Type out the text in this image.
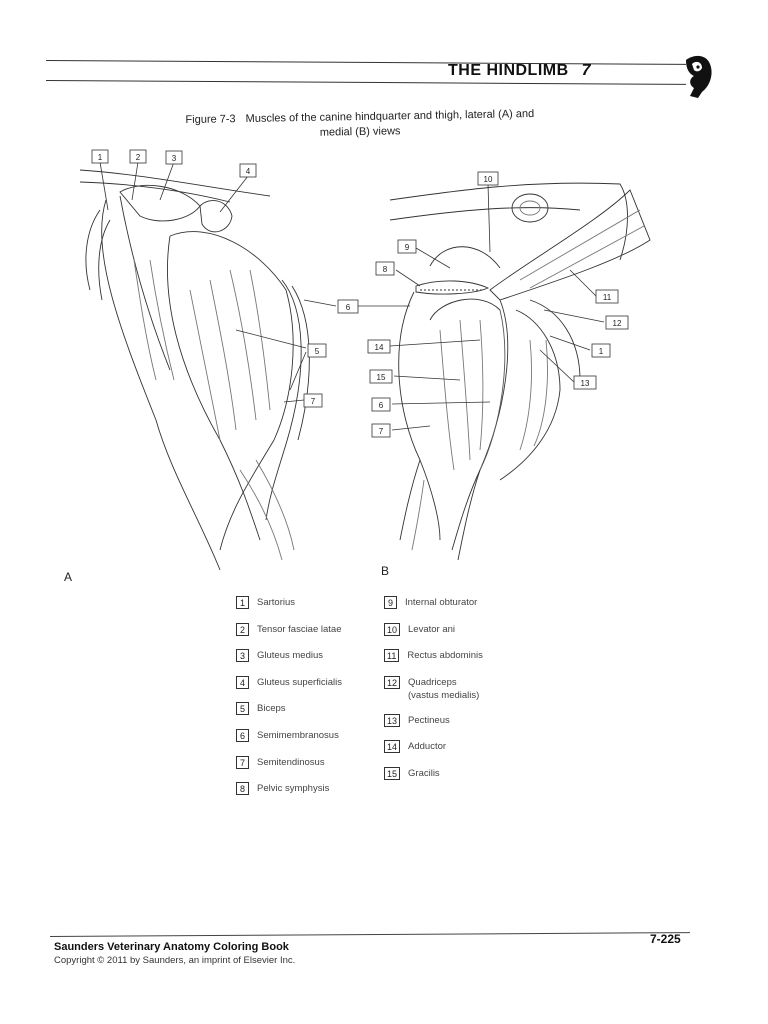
THE HINDLIMB 7
Figure 7-3 Muscles of the canine hindquarter and thigh, lateral (A) and
medial (B) views
1	2	3
4
6
5
7
10
9
8
11
12
14	1
15
13
6
7
A	B
1	Sartorius
2	Tensor fasciae latae
3	Gluteus medius
4	Gluteus superficialis
5	Biceps
6	Semimembranosus
7	Semitendinosus
8	Pelvic symphysis
9	Internal obturator
10	Levator ani
11	Rectus abdominis
12	Quadriceps
(vastus medialis)
13	Pectineus
14	Adductor
15	Gracilis
Saunders Veterinary Anatomy Coloring Book
Copyright © 2011 by Saunders, an imprint of Elsevier Inc.
7-225
